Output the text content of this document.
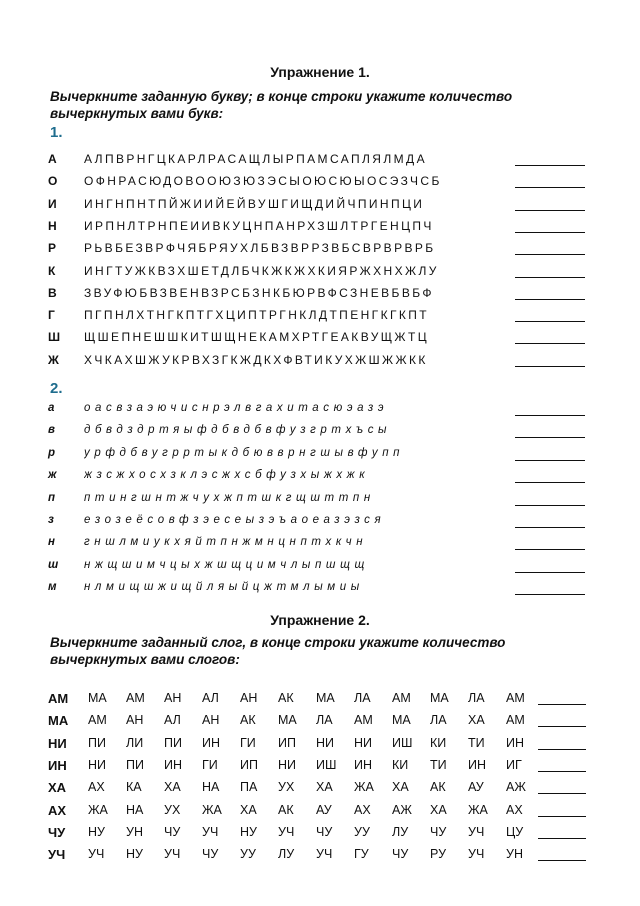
Упражнение 1.
Вычеркните заданную букву; в конце строки укажите количество вычеркнутых вами букв:
1.
А АЛПВРНГЦКАРЛРАСАЩЛЫРПАМСАПЛЯЛМДА
О ОФНРАСЮДОВООЮЗЮЗЭСЫОЮСЮЫОСЭЗЧСБ
И ИНГНПНТПЙЖИИЙЕЙВУШГИЩДИЙЧПИНПЦИ
Н ИРПНЛТРНПЕИИВКУЦНПАНРХЗШЛТРГЕНЦПЧ
Р РЬВБЕЗВРФЧЯБРЯУХЛБВЗВРРЗВБСВРВРВРБ
К ИНГТУЖКВЗХШЕТДЛБЧКЖКЖХКИЯРЖХНХЖЛУ
В ЗВУФЮБВЗВЕНВЗРСБЗНКБЮРВФСЗНЕВБВБФ
Г ПГПНЛХТНГКПТГХЦИПТРГНКЛДТПЕНГКГКПТ
Ш ЩШЕПНЕШШКИТШЩНЕКАМХРТГЕАКВУЩЖТЦ
Ж ХЧКАХШЖУКРВХЗГКЖДКХФВТИКУХЖШЖЖКК
2.
а	оасвзаэючиснрэлвгахитасюэазэ
в	дбвдздртяыфдбвдбвфузгртхъсы
р	урфдбвугрртыкдбювврнгшывфупп
ж жзсжхосхзклэсжхсбфузхыжхжк
п	птингшнтжчухжптшкгщшттпн
з	езозеёсовфзэесеызэъаоеазэзся
н	гншлмиукхяйтпнжмнцнптхкчн
ш нжщшимчцыхжшщцимчлыпшщщ
м нлмищшжищйляыйцжтмлымиы
Упражнение 2.
Вычеркните заданный слог, в конце строки укажите количество вычеркнутых вами слогов:
АМ МА АМ АН АЛ АН АК МА ЛА АМ МА ЛА АМ
МА АМ АН АЛ АН АК МА ЛА АМ МА ЛА ХА АМ
НИ ПИ ЛИ ПИ ИН ГИ ИП НИ НИ ИШ КИ ТИ ИН
ИН НИ ПИ ИН ГИ ИП НИ ИШ ИН КИ ТИ ИН ИГ
ХА АХ КА ХА НА ПА УХ ХА ЖА ХА АК АУ АЖ
АХ ЖА НА УХ ЖА ХА АК АУ АХ АЖ ХА ЖА АХ
ЧУ НУ УН ЧУ УЧ НУ УЧ ЧУ УУ ЛУ ЧУ УЧ ЦУ
УЧ УЧ НУ УЧ ЧУ УУ ЛУ УЧ ГУ ЧУ РУ УЧ УН
